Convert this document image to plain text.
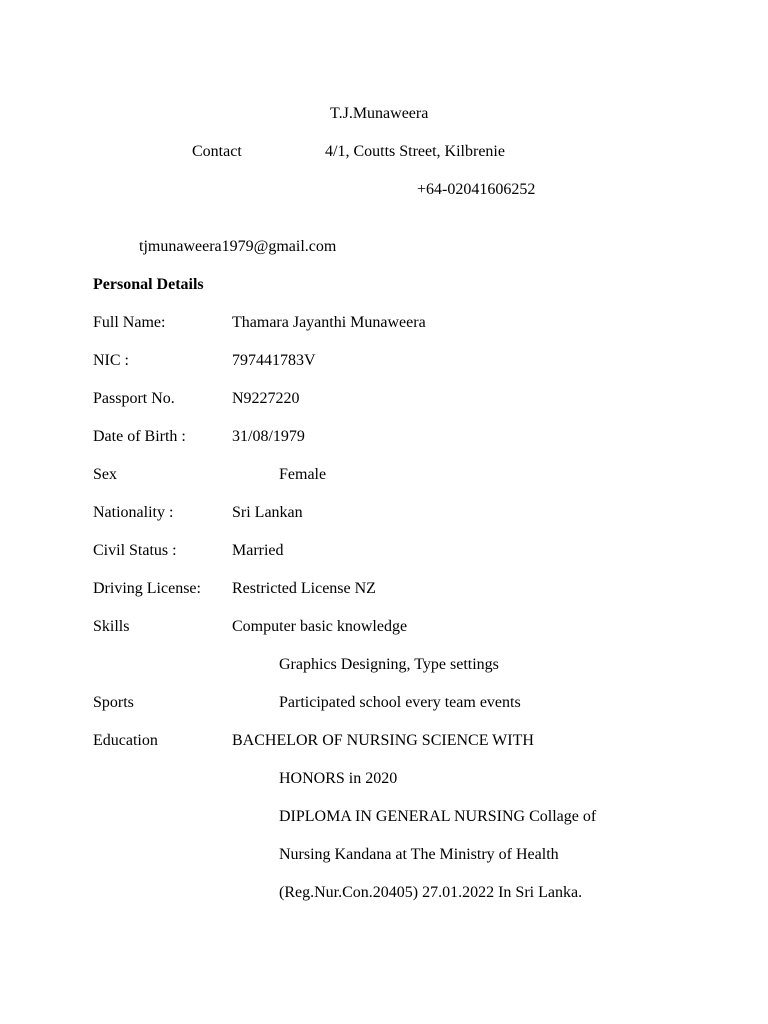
T.J.Munaweera
Contact	4/1, Coutts Street, Kilbrenie
+64-02041606252
tjmunaweera1979@gmail.com
Personal Details
Full Name:	Thamara Jayanthi Munaweera
NIC :	797441783V
Passport No.	N9227220
Date of Birth :	31/08/1979
Sex	Female
Nationality :	Sri Lankan
Civil Status :	Married
Driving License: Restricted License NZ
Skills	Computer basic knowledge
Graphics Designing, Type settings
Sports	Participated school every team events
Education	BACHELOR OF NURSING SCIENCE WITH
HONORS in 2020
DIPLOMA IN GENERAL NURSING Collage of
Nursing Kandana at The Ministry of Health
(Reg.Nur.Con.20405) 27.01.2022 In Sri Lanka.
